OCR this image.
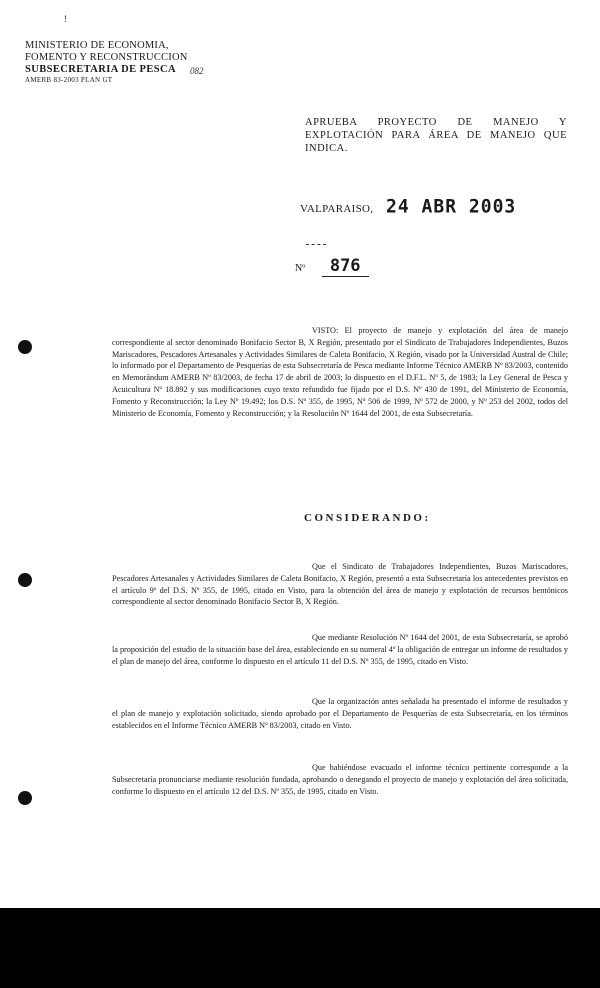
!
MINISTERIO DE ECONOMIA,
FOMENTO Y RECONSTRUCCION
SUBSECRETARIA DE PESCA
AMERB 83-2003 PLAN GT
082
APRUEBA PROYECTO DE MANEJO Y EXPLOTACIÓN PARA ÁREA DE MANEJO QUE INDICA.
VALPARAISO, 24 ABR 2003
Nº 876
VISTO: El proyecto de manejo y explotación del área de manejo correspondiente al sector denominado Bonifacio Sector B, X Región, presentado por el Sindicato de Trabajadores Independientes, Buzos Mariscadores, Pescadores Artesanales y Actividades Similares de Caleta Bonifacio, X Región, visado por la Universidad Austral de Chile; lo informado por el Departamento de Pesquerías de esta Subsecretaría de Pesca mediante Informe Técnico AMERB Nº 83/2003, contenido en Memorándum AMERB Nº 83/2003, de fecha 17 de abril de 2003; lo dispuesto en el D.F.L. Nº 5, de 1983; la Ley General de Pesca y Acuicultura Nº 18.892 y sus modificaciones cuyo texto refundido fue fijado por el D.S. Nº 430 de 1991, del Ministerio de Economía, Fomento y Reconstrucción; la Ley Nº 19.492; los D.S. Nº 355, de 1995, Nº 506 de 1999, Nº 572 de 2000, y Nº 253 del 2002, todos del Ministerio de Economía, Fomento y Reconstrucción; y la Resolución Nº 1644 del 2001, de esta Subsecretaría.
CONSIDERANDO:
Que el Sindicato de Trabajadores Independientes, Buzos Mariscadores, Pescadores Artesanales y Actividades Similares de Caleta Bonifacio, X Región, presentó a esta Subsecretaría los antecedentes previstos en el artículo 9º del D.S. Nº 355, de 1995, citado en Visto, para la obtención del área de manejo y explotación de recursos bentónicos correspondiente al sector denominado Bonifacio Sector B, X Región.
Que mediante Resolución Nº 1644 del 2001, de esta Subsecretaría, se aprobó la proposición del estudio de la situación base del área, estableciendo en su numeral 4º la obligación de entregar un informe de resultados y el plan de manejo del área, conforme lo dispuesto en el artículo 11 del D.S. Nº 355, de 1995, citado en Visto.
Que la organización antes señalada ha presentado el informe de resultados y el plan de manejo y explotación solicitado, siendo aprobado por el Departamento de Pesquerías de esta Subsecretaría, en los términos establecidos en el Informe Técnico AMERB Nº 83/2003, citado en Visto.
Que habiéndose evacuado el informe técnico pertinente corresponde a la Subsecretaría pronunciarse mediante resolución fundada, aprobando o denegando el proyecto de manejo y explotación del área solicitada, conforme lo dispuesto en el artículo 12 del D.S. Nº 355, de 1995, citado en Visto.
